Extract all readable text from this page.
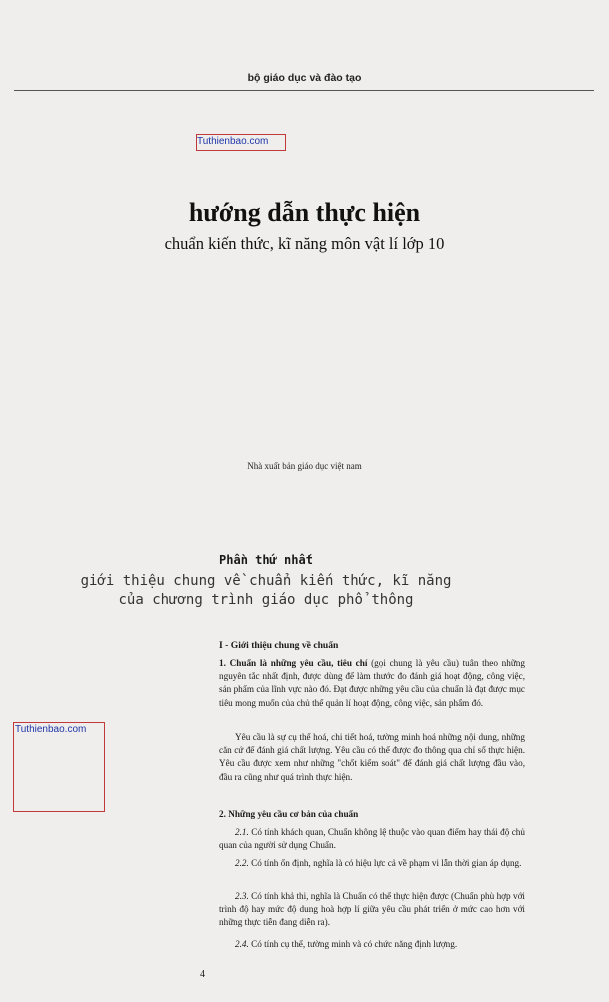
bộ giáo dục và đào tạo
Tuthienbao.com
hướng dẫn thực hiện
chuẩn kiến thức, kĩ năng môn vật lí lớp 10
Nhà xuất bản giáo dục việt nam
Phần thứ nhất
giới thiệu chung về chuẩn kiến thức, kĩ năng
của chương trình giáo dục phổ thông
Tuthienbao.com
I - Giới thiệu chung về chuẩn
1. Chuẩn là những yêu cầu, tiêu chí (gọi chung là yêu cầu) tuân theo những nguyên tắc nhất định, được dùng để làm thước đo đánh giá hoạt động, công việc, sản phẩm của lĩnh vực nào đó. Đạt được những yêu cầu của chuẩn là đạt được mục tiêu mong muốn của chủ thể quản lí hoạt động, công việc, sản phẩm đó.
Yêu cầu là sự cụ thể hoá, chi tiết hoá, tường minh hoá những nội dung, những căn cứ để đánh giá chất lượng. Yêu cầu có thể được đo thông qua chỉ số thực hiện. Yêu cầu được xem như những "chốt kiểm soát" để đánh giá chất lượng đầu vào, đầu ra cũng như quá trình thực hiện.
2. Những yêu cầu cơ bản của chuẩn
2.1. Có tính khách quan, Chuẩn không lệ thuộc vào quan điểm hay thái độ chủ quan của người sử dụng Chuẩn.
2.2. Có tính ổn định, nghĩa là có hiệu lực cả về phạm vi lẫn thời gian áp dụng.
2.3. Có tính khả thi, nghĩa là Chuẩn có thể thực hiện được (Chuẩn phù hợp với trình độ hay mức độ dung hoà hợp lí giữa yêu cầu phát triển ở mức cao hơn với những thực tiễn đang diễn ra).
2.4. Có tính cụ thể, tường minh và có chức năng định lượng.
4
